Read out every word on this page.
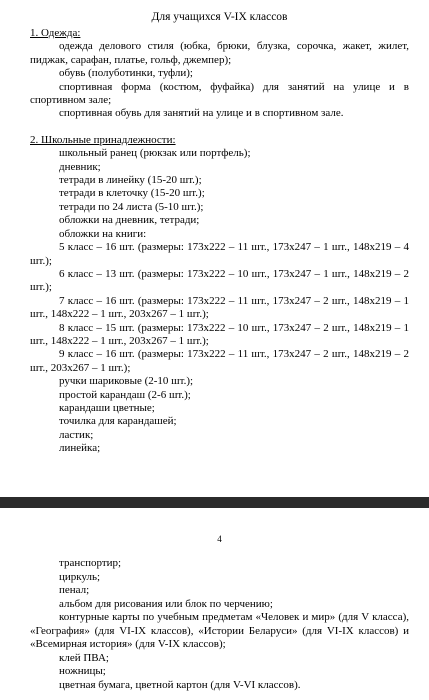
Для учащихся V-IX классов

1. Одежда:

одежда делового стиля (юбка, брюки, блузка, сорочка, жакет, жилет, пиджак, сарафан, платье, гольф, джемпер);

обувь (полуботинки, туфли);

спортивная форма (костюм, фуфайка) для занятий на улице и в спортивном зале;

спортивная обувь для занятий на улице и в спортивном зале.

2. Школьные принадлежности:

школьный ранец (рюкзак или портфель);

дневник;

тетради в линейку (15-20 шт.);

тетради в клеточку (15-20 шт.);

тетради по 24 листа (5-10 шт.);

обложки на дневник, тетради;

обложки на книги:

5 класс – 16 шт. (размеры: 173х222 – 11 шт., 173х247 – 1 шт., 148х219 – 4 шт.);

6 класс – 13 шт. (размеры: 173х222 – 10 шт., 173х247 – 1 шт., 148х219 – 2 шт.);

7 класс – 16 шт. (размеры: 173х222 – 11 шт., 173х247 – 2 шт., 148х219 – 1 шт., 148х222 – 1 шт., 203х267 – 1 шт.);

8 класс – 15 шт. (размеры: 173х222 – 10 шт., 173х247 – 2 шт., 148х219 – 1 шт., 148х222 – 1 шт., 203х267 – 1 шт.);

9 класс – 16 шт. (размеры: 173х222 – 11 шт., 173х247 – 2 шт., 148х219 – 2 шт., 203х267 – 1 шт.);

ручки шариковые (2-10 шт.);

простой карандаш (2-6 шт.);

карандаши цветные;

точилка для карандашей;

ластик;

линейка;

4

транспортир;

циркуль;

пенал;

альбом для рисования или блок по черчению;

контурные карты по учебным предметам «Человек и мир» (для V класса), «География» (для VI-IX классов), «Истории Беларуси» (для VI-IX классов) и «Всемирная история» (для V-IX классов);

клей ПВА;

ножницы;

цветная бумага, цветной картон (для V-VI классов).
